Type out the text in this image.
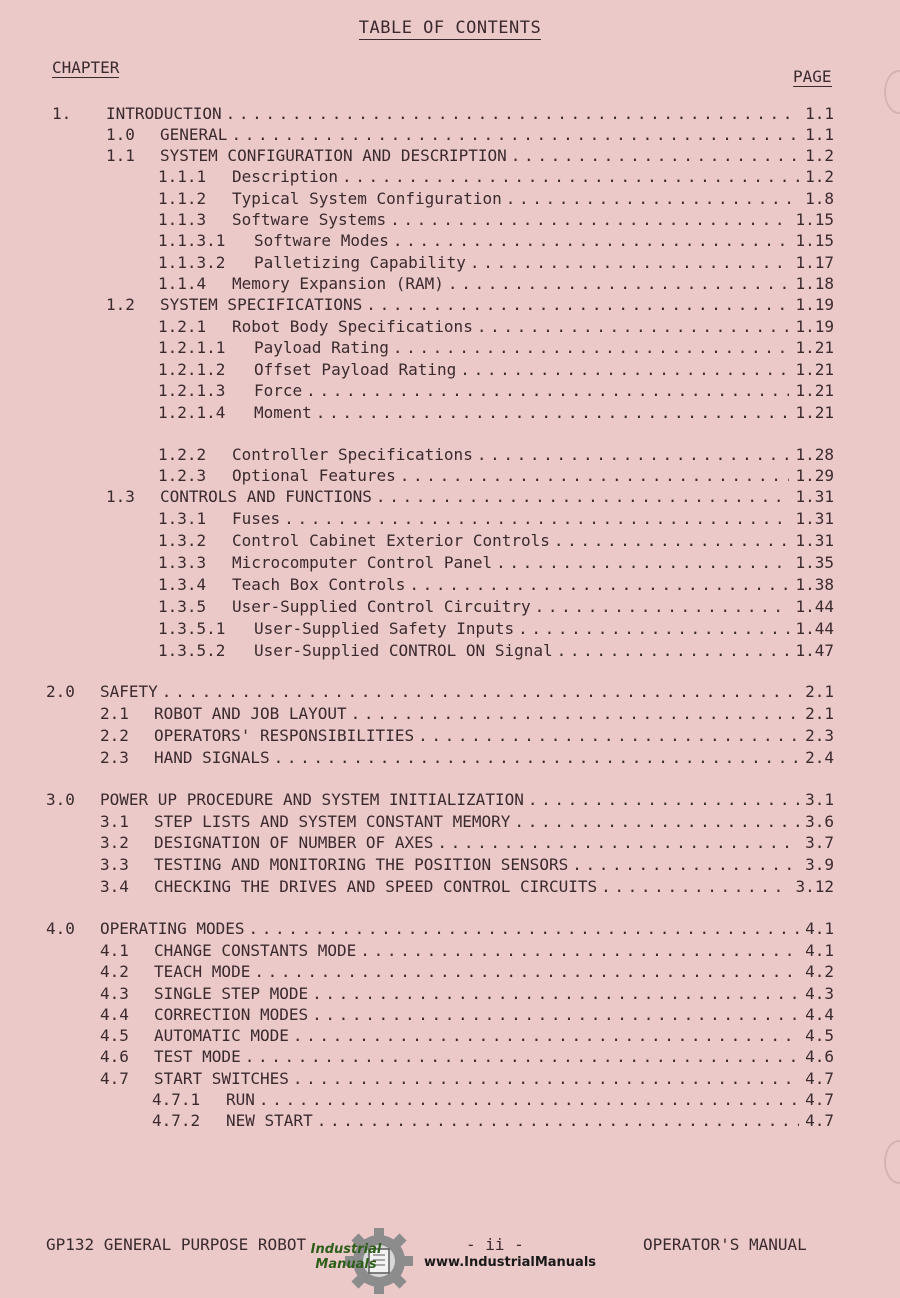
TABLE OF CONTENTS
CHAPTER	PAGE
1.	INTRODUCTION . . .	1.1
1.0	GENERAL . . .	1.1
1.1	SYSTEM CONFIGURATION AND DESCRIPTION . . .	1.2
1.1.1	Description . . .	1.2
1.1.2	Typical System Configuration . . .	1.8
1.1.3	Software Systems . . .	1.15
1.1.3.1	Software Modes . . .	1.15
1.1.3.2	Palletizing Capability . . .	1.17
1.1.4	Memory Expansion (RAM) . . .	1.18
1.2	SYSTEM SPECIFICATIONS . . .	1.19
1.2.1	Robot Body Specifications . . .	1.19
1.2.1.1	Payload Rating . . .	1.21
1.2.1.2	Offset Payload Rating . . .	1.21
1.2.1.3	Force . . .	1.21
1.2.1.4	Moment . . .	1.21
1.2.2	Controller Specifications . . .	1.28
1.2.3	Optional Features . . .	1.29
1.3	CONTROLS AND FUNCTIONS . . .	1.31
1.3.1	Fuses . . .	1.31
1.3.2	Control Cabinet Exterior Controls . . .	1.31
1.3.3	Microcomputer Control Panel . . .	1.35
1.3.4	Teach Box Controls . . .	1.38
1.3.5	User-Supplied Control Circuitry . . .	1.44
1.3.5.1	User-Supplied Safety Inputs . . .	1.44
1.3.5.2	User-Supplied CONTROL ON Signal . . .	1.47
2.0	SAFETY . . .	2.1
2.1	ROBOT AND JOB LAYOUT . . .	2.1
2.2	OPERATORS' RESPONSIBILITIES . . .	2.3
2.3	HAND SIGNALS . . .	2.4
3.0	POWER UP PROCEDURE AND SYSTEM INITIALIZATION . . .	3.1
3.1	STEP LISTS AND SYSTEM CONSTANT MEMORY . . .	3.6
3.2	DESIGNATION OF NUMBER OF AXES . . .	3.7
3.3	TESTING AND MONITORING THE POSITION SENSORS . . .	3.9
3.4	CHECKING THE DRIVES AND SPEED CONTROL CIRCUITS . . .	3.12
4.0	OPERATING MODES . . .	4.1
4.1	CHANGE CONSTANTS MODE . . .	4.1
4.2	TEACH MODE . . .	4.2
4.3	SINGLE STEP MODE . . .	4.3
4.4	CORRECTION MODES . . .	4.4
4.5	AUTOMATIC MODE . . .	4.5
4.6	TEST MODE . . .	4.6
4.7	START SWITCHES . . .	4.7
4.7.1	RUN . . .	4.7
4.7.2	NEW START . . .	4.7
GP132 GENERAL PURPOSE ROBOT	- ii -	OPERATOR'S MANUAL
Industrial
Manuals	www.IndustrialManuals
